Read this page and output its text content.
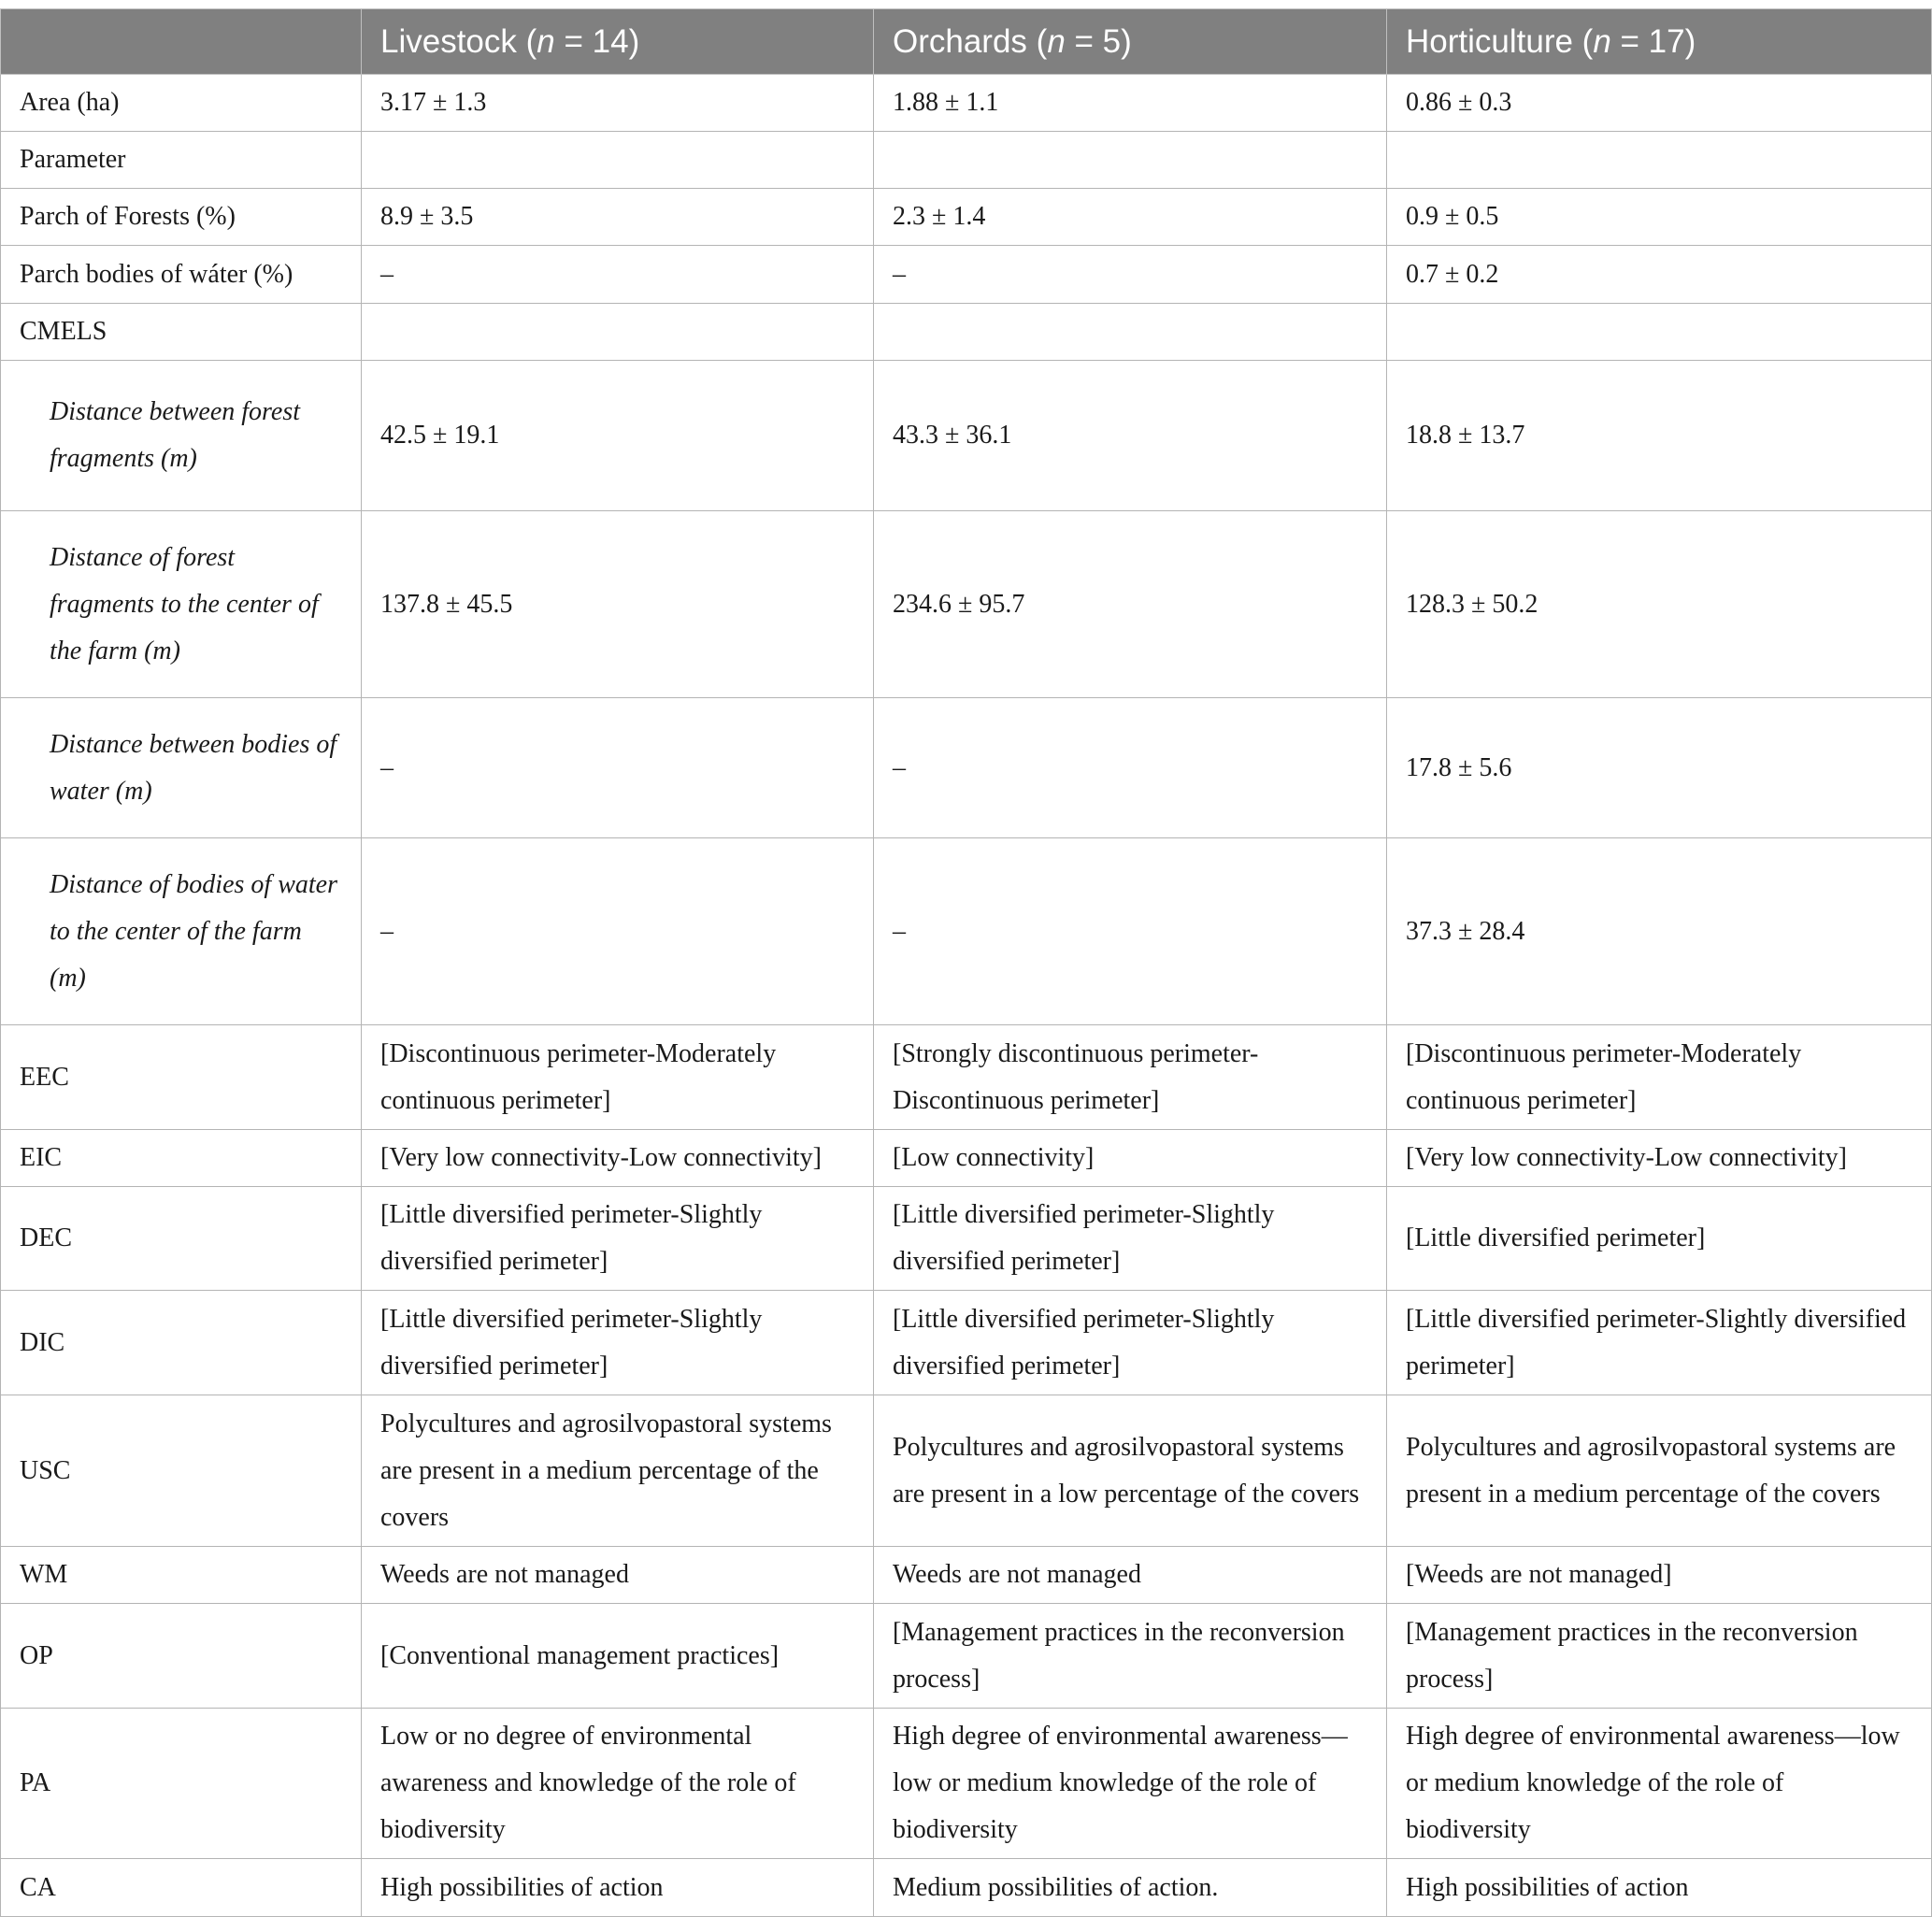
	Livestock (n = 14)	Orchards (n = 5)	Horticulture (n = 17)
Area (ha)	3.17 ± 1.3	1.88 ± 1.1	0.86 ± 0.3
Parameter			
Parch of Forests (%)	8.9 ± 3.5	2.3 ± 1.4	0.9 ± 0.5
Parch bodies of wáter (%)	–	–	0.7 ± 0.2
CMELS			

Distance between forest fragments (m)	42.5 ± 19.1	43.3 ± 36.1	18.8 ± 13.7

Distance of forest fragments to the center of the farm (m)	137.8 ± 45.5	234.6 ± 95.7	128.3 ± 50.2

Distance between bodies of water (m)	–	–	17.8 ± 5.6

Distance of bodies of water to the center of the farm (m)	–	–	37.3 ± 28.4
EEC	[Discontinuous perimeter-Moderately continuous perimeter]	[Strongly discontinuous perimeter-Discontinuous perimeter]	[Discontinuous perimeter-Moderately continuous perimeter]
EIC	[Very low connectivity-Low connectivity]	[Low connectivity]	[Very low connectivity-Low connectivity]
DEC	[Little diversified perimeter-Slightly diversified perimeter]	[Little diversified perimeter-Slightly diversified perimeter]	[Little diversified perimeter]
DIC	[Little diversified perimeter-Slightly diversified perimeter]	[Little diversified perimeter-Slightly diversified perimeter]	[Little diversified perimeter-Slightly diversified perimeter]
USC	Polycultures and agrosilvopastoral systems are present in a medium percentage of the covers	Polycultures and agrosilvopastoral systems are present in a low percentage of the covers	Polycultures and agrosilvopastoral systems are present in a medium percentage of the covers
WM	Weeds are not managed	Weeds are not managed	[Weeds are not managed]
OP	[Conventional management practices]	[Management practices in the reconversion process]	[Management practices in the reconversion process]
PA	Low or no degree of environmental awareness and knowledge of the role of biodiversity	High degree of environmental awareness—low or medium knowledge of the role of biodiversity	High degree of environmental awareness—low or medium knowledge of the role of biodiversity
CA	High possibilities of action	Medium possibilities of action.	High possibilities of action
